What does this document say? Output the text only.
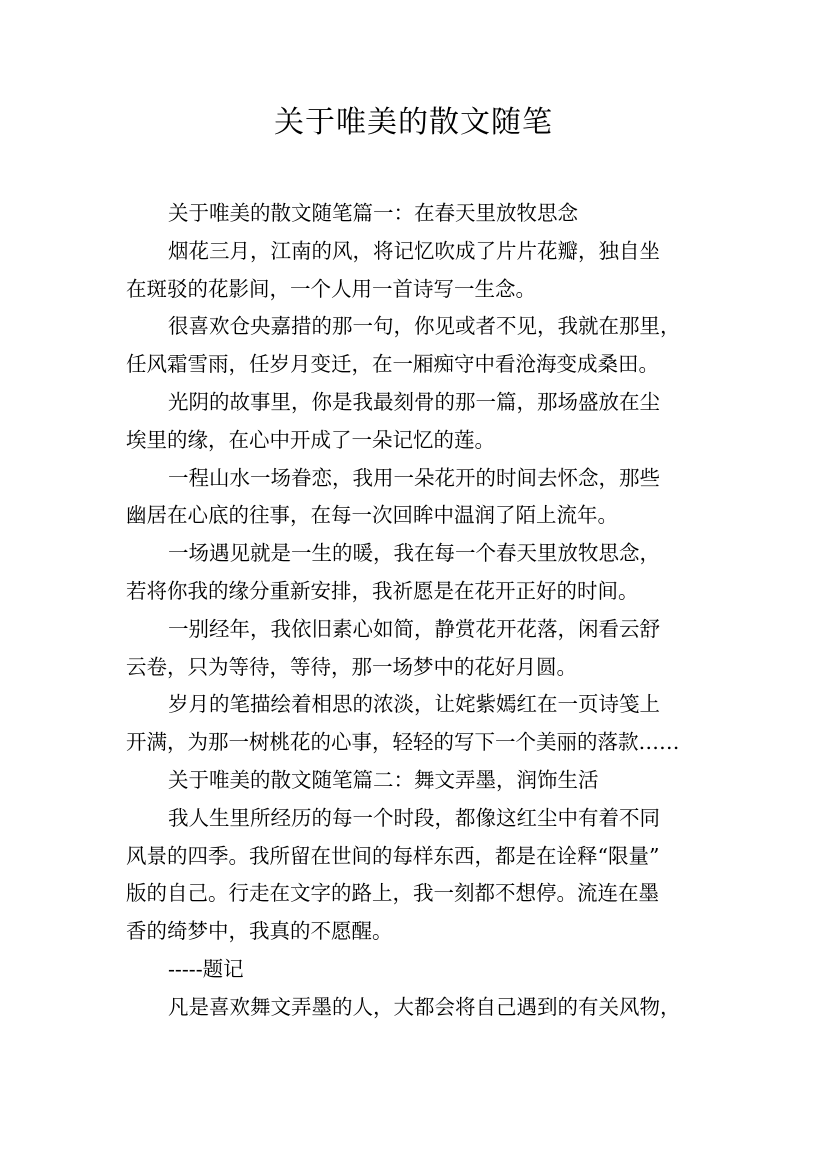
关于唯美的散文随笔
关于唯美的散文随笔篇一：在春天里放牧思念
烟花三月，江南的风，将记忆吹成了片片花瓣，独自坐
在斑驳的花影间，一个人用一首诗写一生念。
很喜欢仓央嘉措的那一句，你见或者不见，我就在那里，
任风霜雪雨，任岁月变迁，在一厢痴守中看沧海变成桑田。
光阴的故事里，你是我最刻骨的那一篇，那场盛放在尘
埃里的缘，在心中开成了一朵记忆的莲。
一程山水一场眷恋，我用一朵花开的时间去怀念，那些
幽居在心底的往事，在每一次回眸中温润了陌上流年。
一场遇见就是一生的暖，我在每一个春天里放牧思念，
若将你我的缘分重新安排，我祈愿是在花开正好的时间。
一别经年，我依旧素心如简，静赏花开花落，闲看云舒
云卷，只为等待，等待，那一场梦中的花好月圆。
岁月的笔描绘着相思的浓淡，让姹紫嫣红在一页诗笺上
开满，为那一树桃花的心事，轻轻的写下一个美丽的落款……
关于唯美的散文随笔篇二：舞文弄墨，润饰生活
我人生里所经历的每一个时段，都像这红尘中有着不同
风景的四季。我所留在世间的每样东西，都是在诠释“限量”
版的自己。行走在文字的路上，我一刻都不想停。流连在墨
香的绮梦中，我真的不愿醒。
-----题记
凡是喜欢舞文弄墨的人，大都会将自己遇到的有关风物，
